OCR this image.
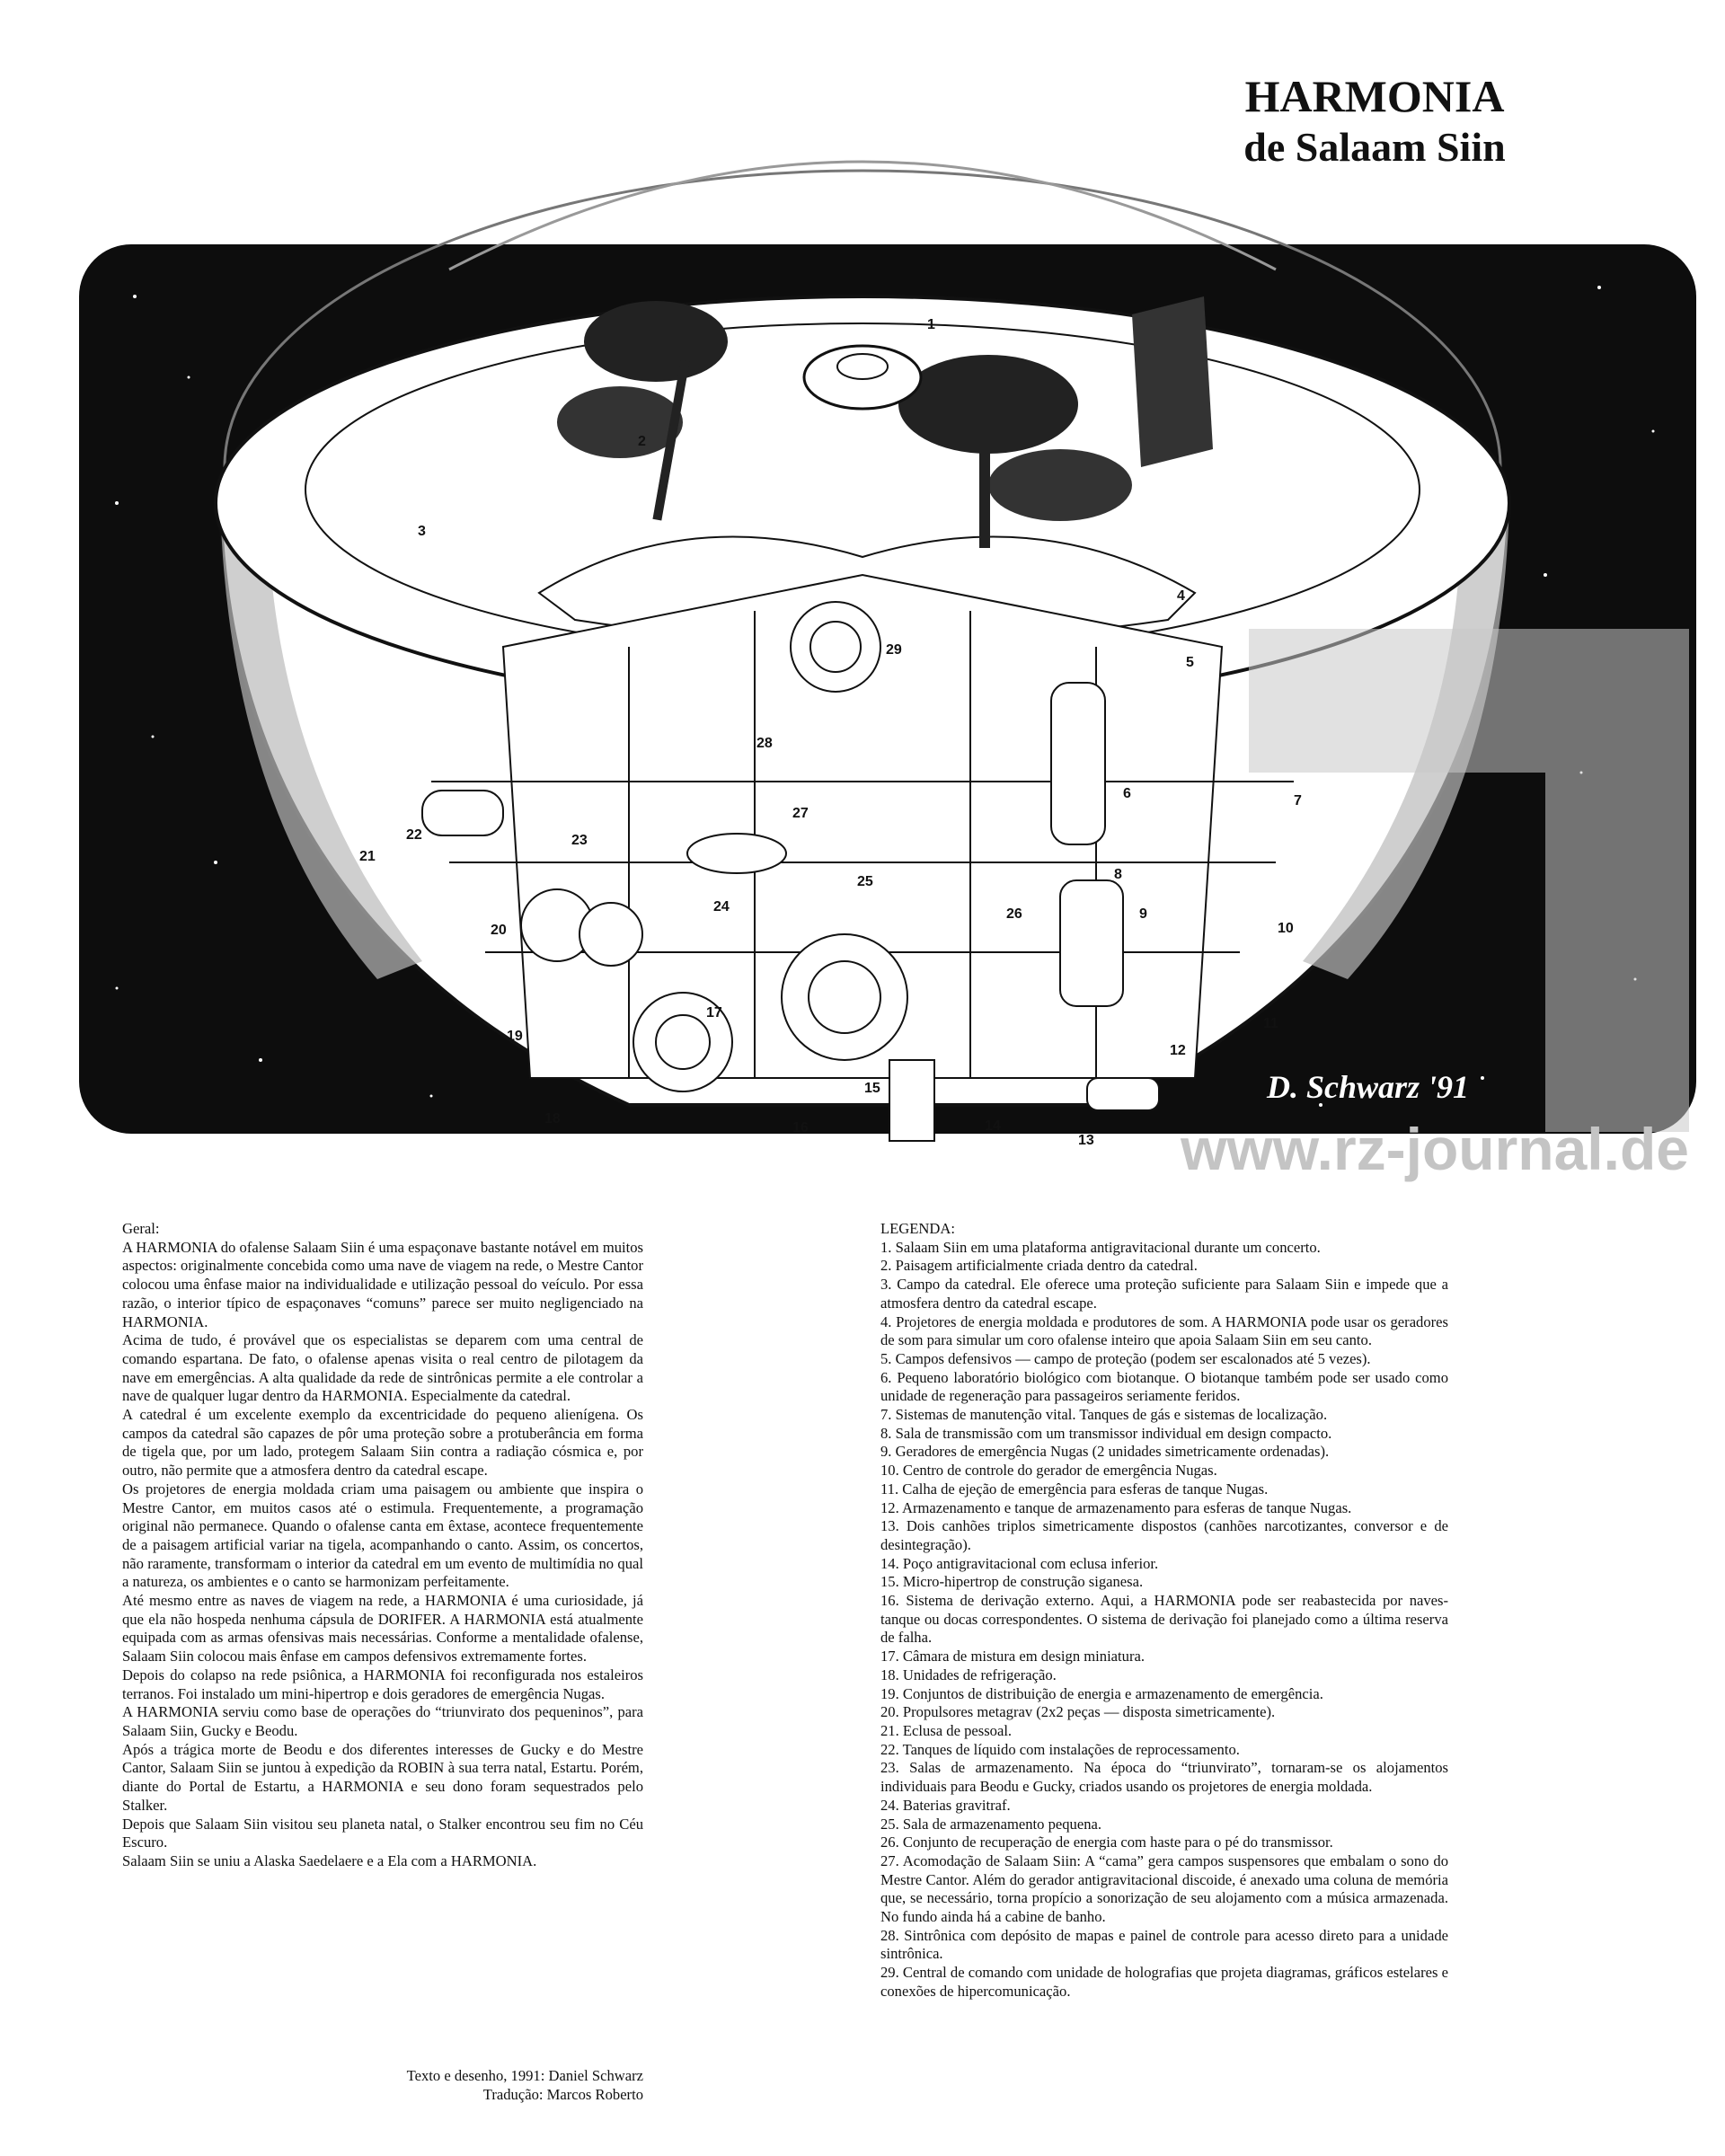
HARMONIA
de Salaam Siin
1
2
3
4
5
6	7
8
9
10
11
12
13
14
15
16
17
18
19
20
21
22	23
24
25
26
27
28
29
www.rz-journal.de
D. Schwarz '91

Geral:

A HARMONIA do ofalense Salaam Siin é uma espaçonave bastante notável em muitos aspectos: originalmente concebida como uma nave de viagem na rede, o Mestre Cantor colocou uma ênfase maior na individualidade e utilização pessoal do veículo. Por essa razão, o interior típico de espaçonaves “comuns” parece ser muito negligenciado na HARMONIA.

Acima de tudo, é provável que os especialistas se deparem com uma central de comando espartana. De fato, o ofalense apenas visita o real centro de pilotagem da nave em emergências. A alta qualidade da rede de sintrônicas permite a ele controlar a nave de qualquer lugar dentro da HARMONIA. Especialmente da catedral.

A catedral é um excelente exemplo da excentricidade do pequeno alienígena. Os campos da catedral são capazes de pôr uma proteção sobre a protuberância em forma de tigela que, por um lado, protegem Salaam Siin contra a radiação cósmica e, por outro, não permite que a atmosfera dentro da catedral escape.

Os projetores de energia moldada criam uma paisagem ou ambiente que inspira o Mestre Cantor, em muitos casos até o estimula. Frequentemente, a programação original não permanece. Quando o ofalense canta em êxtase, acontece frequentemente de a paisagem artificial variar na tigela, acompanhando o canto. Assim, os concertos, não raramente, transformam o interior da catedral em um evento de multimídia no qual a natureza, os ambientes e o canto se harmonizam perfeitamente.

Até mesmo entre as naves de viagem na rede, a HARMONIA é uma curiosidade, já que ela não hospeda nenhuma cápsula de DORIFER. A HARMONIA está atualmente equipada com as armas ofensivas mais necessárias. Conforme a mentalidade ofalense, Salaam Siin colocou mais ênfase em campos defensivos extremamente fortes.

Depois do colapso na rede psiônica, a HARMONIA foi reconfigurada nos estaleiros terranos. Foi instalado um mini-hipertrop e dois geradores de emergência Nugas.

A HARMONIA serviu como base de operações do “triunvirato dos pequeninos”, para Salaam Siin, Gucky e Beodu.

Após a trágica morte de Beodu e dos diferentes interesses de Gucky e do Mestre Cantor, Salaam Siin se juntou à expedição da ROBIN à sua terra natal, Estartu. Porém, diante do Portal de Estartu, a HARMONIA e seu dono foram sequestrados pelo Stalker.

Depois que Salaam Siin visitou seu planeta natal, o Stalker encontrou seu fim no Céu Escuro.

Salaam Siin se uniu a Alaska Saedelaere e a Ela com a HARMONIA.

Texto e desenho, 1991: Daniel Schwarz
Tradução: Marcos Roberto

LEGENDA:

1. Salaam Siin em uma plataforma antigravitacional durante um concerto.

2. Paisagem artificialmente criada dentro da catedral.

3. Campo da catedral. Ele oferece uma proteção suficiente para Salaam Siin e impede que a atmosfera dentro da catedral escape.

4. Projetores de energia moldada e produtores de som. A HARMONIA pode usar os geradores de som para simular um coro ofalense inteiro que apoia Salaam Siin em seu canto.

5. Campos defensivos — campo de proteção (podem ser escalonados até 5 vezes).

6. Pequeno laboratório biológico com biotanque. O biotanque também pode ser usado como unidade de regeneração para passageiros seriamente feridos.

7. Sistemas de manutenção vital. Tanques de gás e sistemas de localização.

8. Sala de transmissão com um transmissor individual em design compacto.

9. Geradores de emergência Nugas (2 unidades simetricamente ordenadas).

10. Centro de controle do gerador de emergência Nugas.

11. Calha de ejeção de emergência para esferas de tanque Nugas.

12. Armazenamento e tanque de armazenamento para esferas de tanque Nugas.

13. Dois canhões triplos simetricamente dispostos (canhões narcotizantes, conversor e de desintegração).

14. Poço antigravitacional com eclusa inferior.

15. Micro-hipertrop de construção siganesa.

16. Sistema de derivação externo. Aqui, a HARMONIA pode ser reabastecida por naves-tanque ou docas correspondentes. O sistema de derivação foi planejado como a última reserva de falha.

17. Câmara de mistura em design miniatura.

18. Unidades de refrigeração.

19. Conjuntos de distribuição de energia e armazenamento de emergência.

20. Propulsores metagrav (2x2 peças — disposta simetricamente).

21. Eclusa de pessoal.

22. Tanques de líquido com instalações de reprocessamento.

23. Salas de armazenamento. Na época do “triunvirato”, tornaram-se os alojamentos individuais para Beodu e Gucky, criados usando os projetores de energia moldada.

24. Baterias gravitraf.

25. Sala de armazenamento pequena.

26. Conjunto de recuperação de energia com haste para o pé do transmissor.

27. Acomodação de Salaam Siin: A “cama” gera campos suspensores que embalam o sono do Mestre Cantor. Além do gerador antigravitacional discoide, é anexado uma coluna de memória que, se necessário, torna propício a sonorização de seu alojamento com a música armazenada. No fundo ainda há a cabine de banho.

28. Sintrônica com depósito de mapas e painel de controle para acesso direto para a unidade sintrônica.

29. Central de comando com unidade de holografias que projeta diagramas, gráficos estelares e conexões de hipercomunicação.
